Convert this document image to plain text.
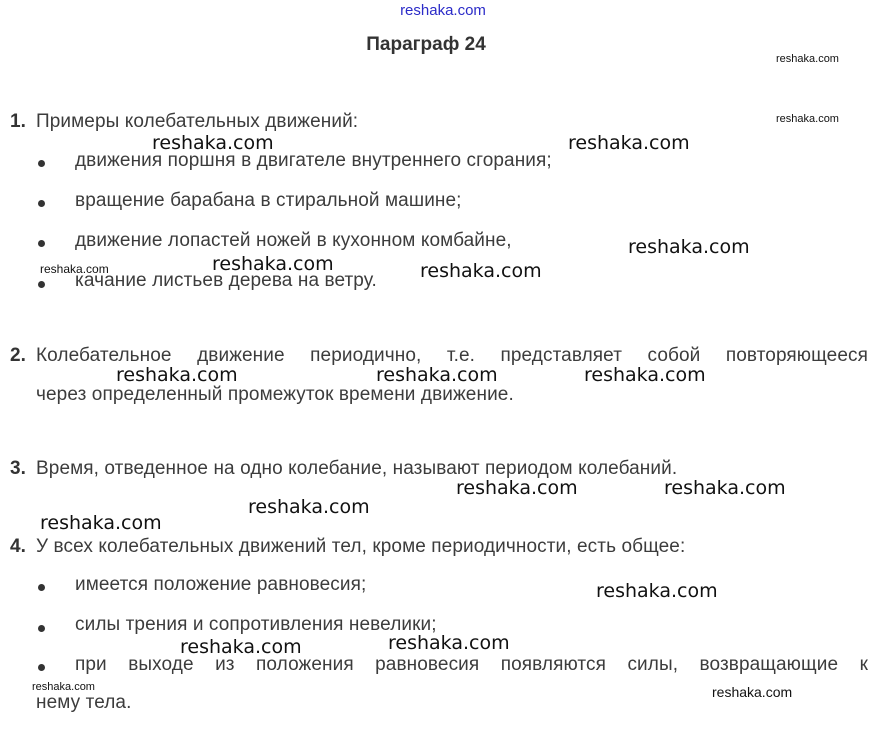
reshaka.com
Параграф 24
1. Примеры колебательных движений:
движения поршня в двигателе внутреннего сгорания;
вращение барабана в стиральной машине;
движение лопастей ножей в кухонном комбайне,
качание листьев дерева на ветру.
2. Колебательное движение периодично, т.е. представляет собой повторяющееся
через определенный промежуток времени движение.
3. Время, отведенное на одно колебание, называют периодом колебаний.
4. У всех колебательных движений тел, кроме периодичности, есть общее:
имеется положение равновесия;
силы трения и сопротивления невелики;
при выходе из положения равновесия появляются силы, возвращающие к
нему тела.
reshaka.com
reshaka.com
reshaka.com	reshaka.com
reshaka.com
reshaka.com
reshaka.com	reshaka.com
reshaka.com	reshaka.com	reshaka.com
reshaka.com	reshaka.com
reshaka.com
reshaka.com
reshaka.com
reshaka.com
reshaka.com
reshaka.com	reshaka.com
